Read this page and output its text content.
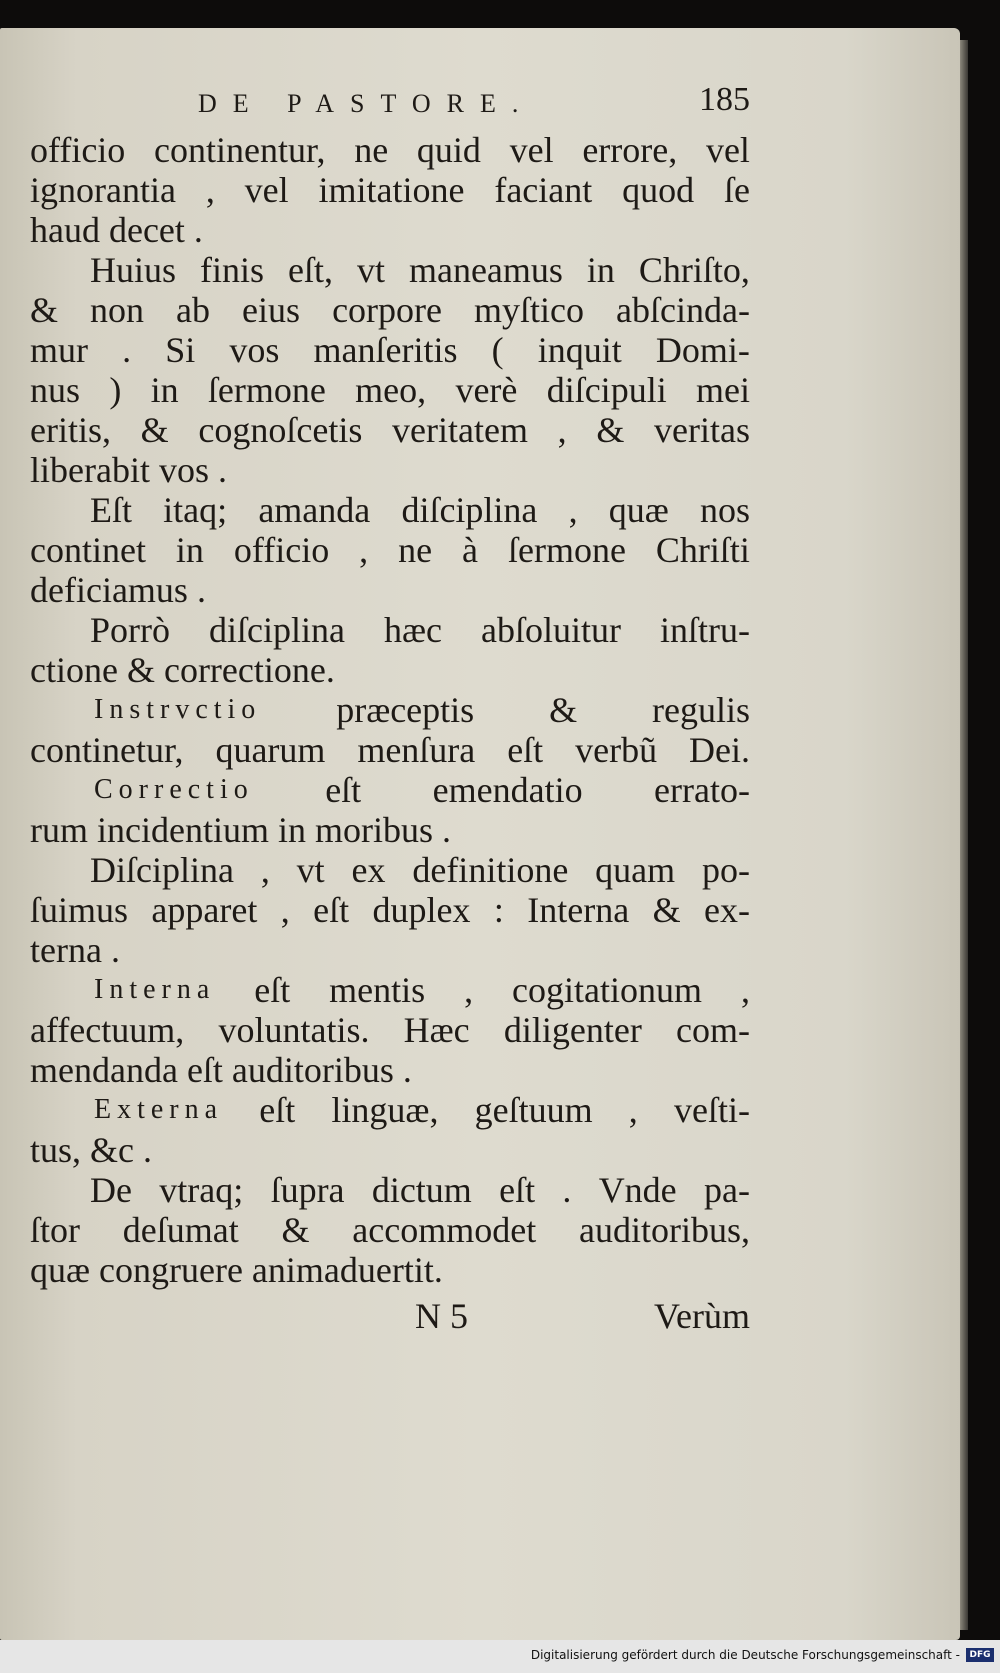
DE PASTORE.	185
officio continentur, ne quid vel errore, vel
ignorantia , vel imitatione faciant quod ſe
haud decet .
Huius finis eſt, vt maneamus in Chriſto,
& non ab eius corpore myſtico abſcinda-
mur . Si vos manſeritis ( inquit Domi-
nus ) in ſermone meo, verè diſcipuli mei
eritis, & cognoſcetis veritatem , & veritas
liberabit vos .
Eſt itaq; amanda diſciplina , quæ nos
continet in officio , ne à ſermone Chriſti
deficiamus .
Porrò diſciplina hæc abſoluitur inſtru-
ctione & correctione.
Instrvctio præceptis & regulis
continetur, quarum menſura eſt verbũ Dei.
Correctio eſt emendatio errato-
rum incidentium in moribus .
Diſciplina , vt ex definitione quam po-
ſuimus apparet , eſt duplex : Interna & ex-
terna .
Interna eſt mentis , cogitationum ,
affectuum, voluntatis. Hæc diligenter com-
mendanda eſt auditoribus .
Externa eſt linguæ, geſtuum , veſti-
tus, &c .
De vtraq; ſupra dictum eſt . Vnde pa-
ſtor deſumat & accommodet auditoribus,
quæ congruere animaduertit.
N 5	Verùm
Digitalisierung gefördert durch die Deutsche Forschungsgemeinschaft -	DFG
